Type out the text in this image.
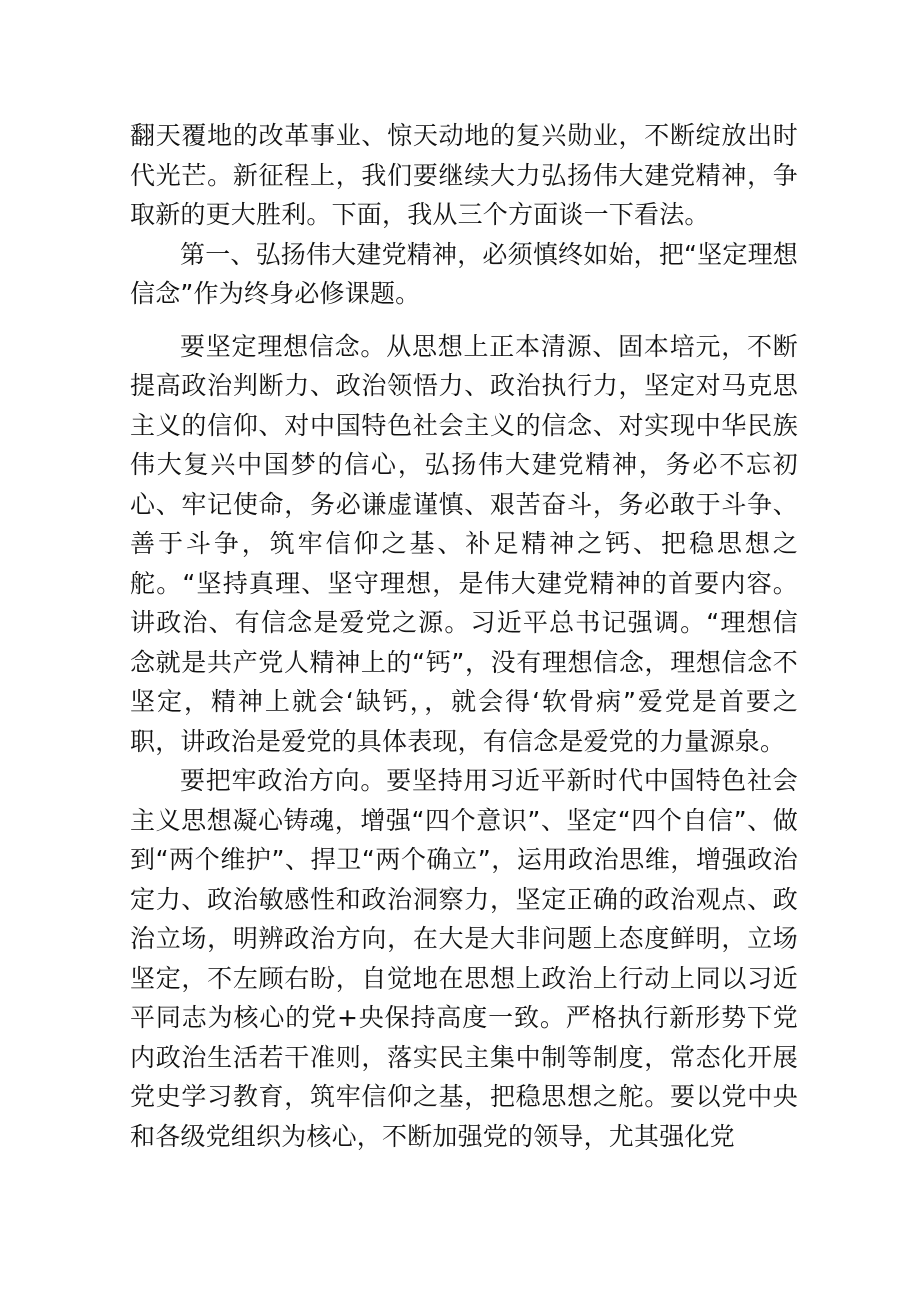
翻天覆地的改革事业、惊天动地的复兴勋业，不断绽放出时代光芒。新征程上，我们要继续大力弘扬伟大建党精神，争取新的更大胜利。下面，我从三个方面谈一下看法。

第一、弘扬伟大建党精神，必须慎终如始，把“坚定理想信念”作为终身必修课题。

要坚定理想信念。从思想上正本清源、固本培元，不断提高政治判断力、政治领悟力、政治执行力，坚定对马克思主义的信仰、对中国特色社会主义的信念、对实现中华民族伟大复兴中国梦的信心，弘扬伟大建党精神，务必不忘初心、牢记使命，务必谦虚谨慎、艰苦奋斗，务必敢于斗争、善于斗争，筑牢信仰之基、补足精神之钙、把稳思想之舵。“坚持真理、坚守理想，是伟大建党精神的首要内容。讲政治、有信念是爱党之源。习近平总书记强调。“理想信念就是共产党人精神上的“钙”，没有理想信念，理想信念不坚定，精神上就会‘缺钙，，就会得‘软骨病”爱党是首要之职，讲政治是爱党的具体表现，有信念是爱党的力量源泉。

要把牢政治方向。要坚持用习近平新时代中国特色社会主义思想凝心铸魂，增强“四个意识”、坚定“四个自信”、做到“两个维护”、捍卫“两个确立”，运用政治思维，增强政治定力、政治敏感性和政治洞察力，坚定正确的政治观点、政治立场，明辨政治方向，在大是大非问题上态度鲜明，立场坚定，不左顾右盼，自觉地在思想上政治上行动上同以习近平同志为核心的党+央保持高度一致。严格执行新形势下党内政治生活若干准则，落实民主集中制等制度，常态化开展党史学习教育，筑牢信仰之基，把稳思想之舵。要以党中央和各级党组织为核心，不断加强党的领导，尤其强化党
